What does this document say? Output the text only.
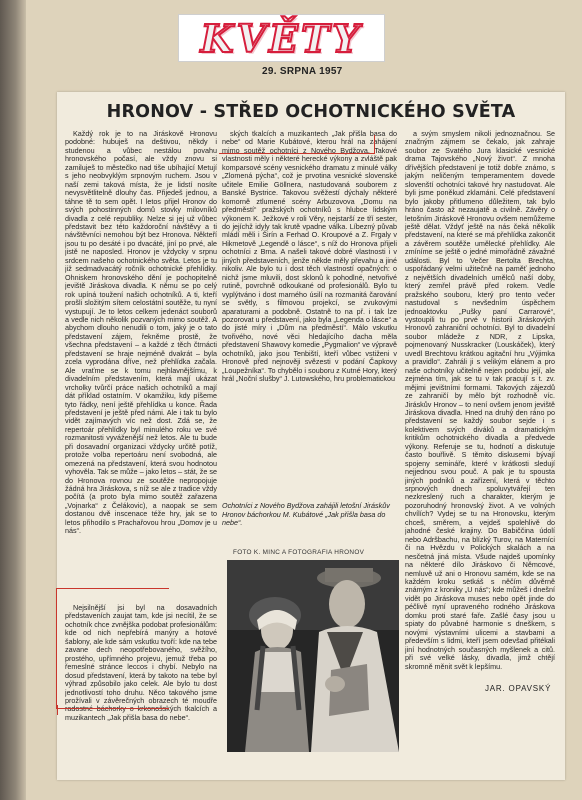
KVĚTY
29. SRPNA 1957
HRONOV - STŘED OCHOTNICKÉHO SVĚTA

Každý rok je to na Jiráskově Hronovu podobné: hubuješ na deštivou, někdy i studenou a vůbec nestálou povahu hronovského počasí, ale vždy znovu si zamiluješ to městečko nad tiše ubíhající Metují s jeho neobvyklým srpnovým ruchem. Jsou v naší zemi taková místa, že je lidstí nosíte nevysvětlitelně dlouhy čas. Přijedeš jednou, a táhne tě to sem opět. I letos přijel Hronov do svých pohostinných domů stovky milovníků divadla z celé republiky. Nelze si jej už vůbec představit bez této každoroční návštěvy a ti návštěvníci nemohou být bez Hronova. Někteří jsou tu po desáté i po dvacáté, jiní po prvé, ale jistě ne naposled. Hronov je vždycky v srpnu srdcem našeho ochotnického světa. Letos je tu již sedmadvacátý ročník ochotnické přehlídky. Ohniskem hronovského dění je pochopitelně jeviště Jiráskova divadla. K němu se po celý rok upíná toužení našich ochotníků. A ti, kteří prošli složitým sítem celostátní soutěže, tu nyní vystupují. Je to letos celkem jedenáct souborů a vedle nich několik pozvaných mimo soutěž. A abychom dlouho nenudili o tom, jaký je o tato představení zájem, řekněme prostě, že všechna představení – a každé z těch čtrnácti představení se hraje nejméně dvakrát – byla zcela vyprodána dříve, než přehlídka začala. Ale vraťme se k tomu nejhlavnějšímu, k divadelním představením, která mají ukázat vrcholky tvůrčí práce našich ochotníků a mají dát příklad ostatním. V okamžiku, kdy píšeme tyto řádky, není ještě přehlídka u konce. Řada představení je ještě před námi. Ale i tak tu bylo vidět zajímavých víc než dost. Zdá se, že repertoár přehlídky byl minulého roku ve své rozmanitosti vyváženější než letos. Ale tu bude při dosavadní organizaci vždycky určitě potíž, protože volba repertoáru není svobodná, ale omezená na představení, která svou hodnotou vyhověla. Tak se může – jako letos – stát, že se do Hronova rovnou ze soutěže nepropojuje žádná hra Jiráskova, s níž se ale z tradice vždy počítá (a proto byla mimo soutěž zařazena „Vojnarka“ z Čelákovic), a naopak se sem dostanou dvě inscenace téže hry, jak se to letos přihodilo s Prachařovou hrou „Domov je u nás“.

Nejsilnější jsi byl na dosavadních představeních zaujat tam, kde jsi necítil, že se ochotník chce zvnějška podobat profesionálům: kde od nich nepřebírá manýry a hotové šablony, ale kde sám vskutku tvoří: kde na tebe zavane dech neopotřebovaného, svěžího, prostého, upřímného projevu, jemuž třeba po řemeslné stránce leccos i chybí. Nebylo na dosud představení, která by takoto na tebe byl výhrad způsobilo jako celek. Ale bylo tu dost jednotlivostí toho druhu. Něco takového jsme prožívali v závěrečných obrazech té moudře radostné báchorky o krkonošských tkalcích a muzikantech „Jak přišla basa do nebe“.

ských tkalcích a muzikantech „Jak přišla basa do nebe“ od Marie Kubátové, kterou hrál na zahájení mimo soutěž ochotníci z Nového Bydžova. Takové vlastnosti měly i některé herecké výkony a zvláště pak komparsové scény vesnického dramatu z minulé války „Zlomená pýcha“, což je prvotina vesnické slovenské učitele Emilie Göllnera, nastudovaná souborem z Banské Bystrice. Takovou svěžestí dýchaly některé komorně ztlumené scény Arbuzovova „Domu na předměstí“ pražských ochotníků s hlubce lidským výkonem K. Ježkové v roli Věry, nejstarší ze tří sester, do jejíchž idyly tak krutě vpadne válka. Líbezný půvab mládí měli i Širín a Ferhad O. Kroupové a Z. Frgaly v Hikmetově „Legendě o lásce“, s níž do Hronova přijeli ochotníci z Brna. A našeli takové dobré vlastnosti i v jiných představeních, jenže někde měly převahu a jiné nikoliv. Ale bylo tu i dost těch vlastností opačných: o nichž jsme mluvili, dost sklonů k pohodlné, netvořivé rutině, povrchně odkoukané od profesionálů. Bylo tu vyplýtváno i dost marného úsilí na rozmanitá čarování se světly, s filmovou projekcí, se zvukovými aparaturami a podobně. Ostatně to na př. i tak lze pozorovat u představení, jako byla „Legenda o lásce“ a do jisté míry i „Dům na předměstí“. Málo vskutku tvořivého, nové věci hledajícího dacha měla představení Shawovy komedie „Pygmalion“ ve výpravě ochotníků, jako jsou Tenbiští, kteří vůbec vstiženi v Hronově před nejnověji svězesti v podání Čapkovy „Loupežníka“. To chybělo i souboru z Kutné Hory, který hrál „Noční slušby“ J. Lutowského, hru problematickou

Ochotníci z Nového Bydžova zahájili letošní Jiráskův Hronov báchorkou M. Kubátové „Jak přišla basa do nebe“.
FOTO K. MINC A FOTOGRAFIA HRONOV

a svým smyslem nikoli jednoznačnou. Se značným zájmem se čekalo, jak zahraje soubor ze Svatého Jura klasické vesnické drama Tajovského „Nový život“. Z mnoha dřívějších představení je totiž dobře známo, s jakým neličeným temperamentem dovede slovenští ochotníci takové hry nastudovat. Ale byli jsme poněkud zklamáni. Celé představení bylo jakoby přitlumeno důležitem, tak bylo hráno často až nezaujatě a civilně. Závěry o letošním Jiráskově Hronovu ovšem nemůžeme ještě dělat. Vždyť ještě na nás čeká několik představení, na které se má přehlídka zakončit a závěrem soutěže umělecké přehlídky. Ale zmíníme se ještě o jedné mimořádně závažné události. Byl to Večer Bertolta Brechta, uspořádaný velmi užitečně na paměť jednoho z největších divadelních umělců naší doby, který zemřel právě před rokem. Vedle pražského souboru, který pro tento večer nastudoval s nevšedním úspěchem jednoaktovku „Pušky paní Carrarové“, vystoupili tu po prvé v historii Jiráskových Hronovů zahraniční ochotníci. Byl to divadelní soubor mládeže z NDR, z Lipska, pojmenovaný Nusskracker (Louskáček), který uvedl Brechtovu krátkou agitační hru „Výjimka a pravidlo“. Zahráli ji s velikým elánem a pro naše ochotníky učitelně nejen podobu její, ale zejména tím, jak se tu v tak pracují s t. zv. mějimi jevištními formami. Takových zájezdů ze zahraničí by mělo být rozhodně víc. Jiráskův Hronov – to není ovšem jenom jeviště Jiráskova divadla. Hned na druhý den ráno po představení se každý soubor sejde i s kolektivem svých diváků a dramatickým kritikům ochotnického divadla a předvede výkony. Referuje se tu, hodnotí a diskutuje často bouřlivě. S těmito diskusemi bývají spojeny semináře, které v krátkosti sledují nejjednou svou pouč. A pak je tu spousta jiných podniků a zařízení, která v těchto srpnových dnech spoluvytvářejí ten nezkreslený ruch a charakter, kterým je pozoruhodný hronovský život. A ve volných chvílích? Vydej se tu na Hronovsku, kterým chceš, směrem, a vejdeš spolehlivě do jahodné české krajiny. Do Babiččina údolí nebo Adršbachu, na blízký Turov, na Materníci či na Hvězdu v Polických skalách a na nesčetná jiná místa. Všude najdeš upomínky na některé dílo Jiráskovo či Němcové, nemluvě už ani o Hronovu samém, kde se na každém kroku setkáš s něčím důvěrně známým z kroniky „U nás“; kde můžeš i dnešní vidět po Jiráskova muses nebo opět jinde do péčlivě nyní upraveného rodného Jiráskova domku proti staré faře. Zašlé časy jsou u spiaty do půvabné harmonie s dneškem, s novými výstavními ulicemi a stavbami a především s lidmi, kteří jsem odevšad přitékali jiní hodnotných současných myšlenek a citů. při své velké lásky, divadla, jimž chtějí skromně měnit svět k lepšímu.

JAR. OPAVSKÝ
